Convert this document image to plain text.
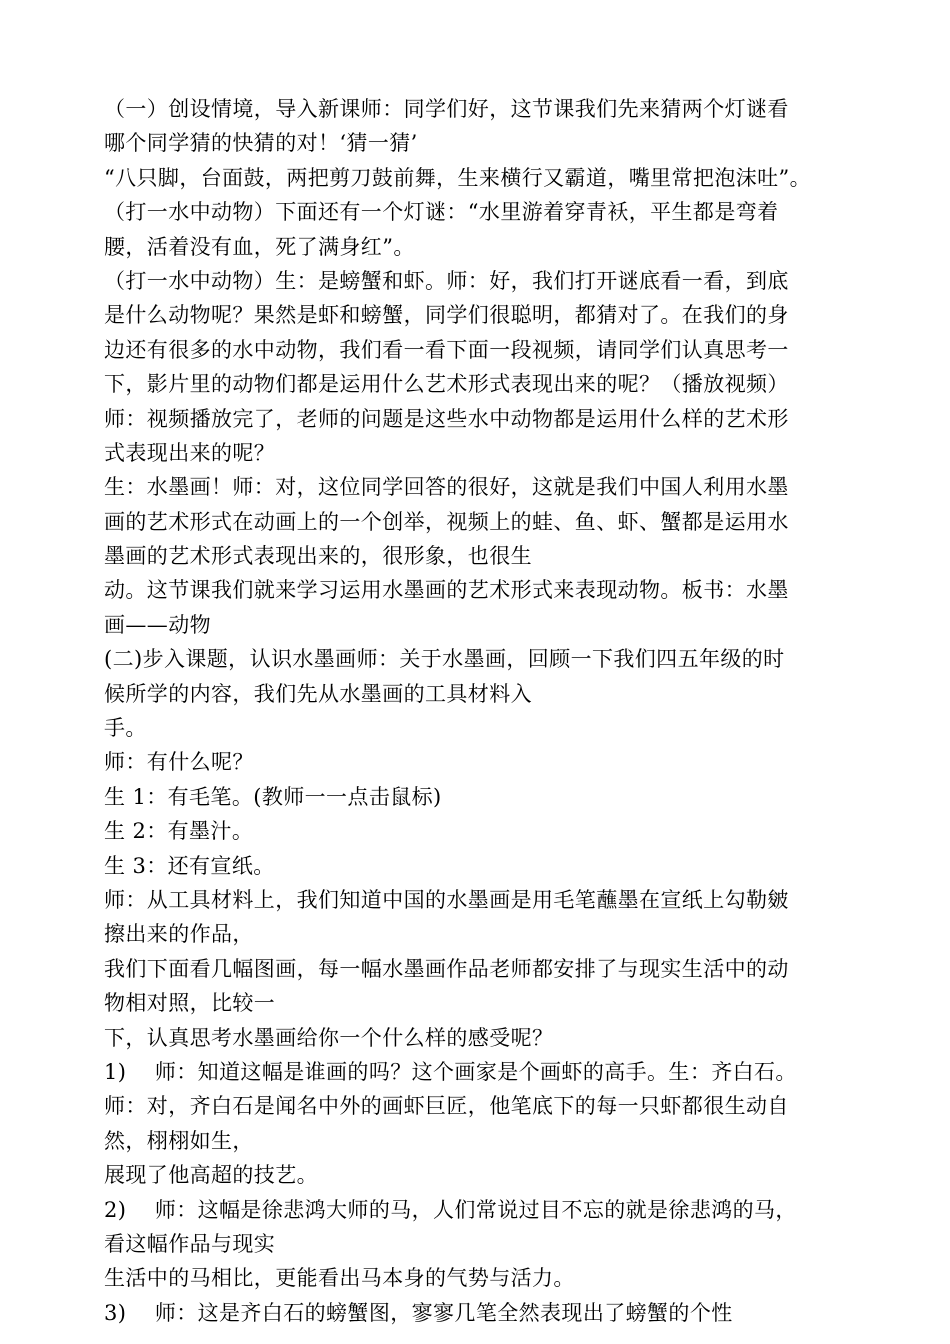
（一）创设情境，导入新课师：同学们好，这节课我们先来猜两个灯谜看
哪个同学猜的快猜的对！‘猜一猜’
“八只脚，台面鼓，两把剪刀鼓前舞，生来横行又霸道，嘴里常把泡沫吐”。
（打一水中动物）下面还有一个灯谜：“水里游着穿青袄，平生都是弯着
腰，活着没有血，死了满身红”。
（打一水中动物）生：是螃蟹和虾。师：好，我们打开谜底看一看，到底
是什么动物呢？果然是虾和螃蟹，同学们很聪明，都猜对了。在我们的身
边还有很多的水中动物，我们看一看下面一段视频，请同学们认真思考一
下，影片里的动物们都是运用什么艺术形式表现出来的呢？（播放视频）
师：视频播放完了，老师的问题是这些水中动物都是运用什么样的艺术形
式表现出来的呢？
生：水墨画！师：对，这位同学回答的很好，这就是我们中国人利用水墨
画的艺术形式在动画上的一个创举，视频上的蛙、鱼、虾、蟹都是运用水
墨画的艺术形式表现出来的，很形象，也很生
动。这节课我们就来学习运用水墨画的艺术形式来表现动物。板书：水墨
画——动物
(二)步入课题，认识水墨画师：关于水墨画，回顾一下我们四五年级的时
候所学的内容，我们先从水墨画的工具材料入
手。
师：有什么呢？
生 1：有毛笔。(教师一一点击鼠标)
生 2：有墨汁。
生 3：还有宣纸。
师：从工具材料上，我们知道中国的水墨画是用毛笔蘸墨在宣纸上勾勒皴
擦出来的作品，
我们下面看几幅图画，每一幅水墨画作品老师都安排了与现实生活中的动
物相对照，比较一
下，认真思考水墨画给你一个什么样的感受呢？
1)　 师：知道这幅是谁画的吗？这个画家是个画虾的高手。生：齐白石。
师：对，齐白石是闻名中外的画虾巨匠，他笔底下的每一只虾都很生动自
然，栩栩如生，
展现了他高超的技艺。
2)　 师：这幅是徐悲鸿大师的马，人们常说过目不忘的就是徐悲鸿的马，
看这幅作品与现实
生活中的马相比，更能看出马本身的气势与活力。
3)　 师：这是齐白石的螃蟹图，寥寥几笔全然表现出了螃蟹的个性
